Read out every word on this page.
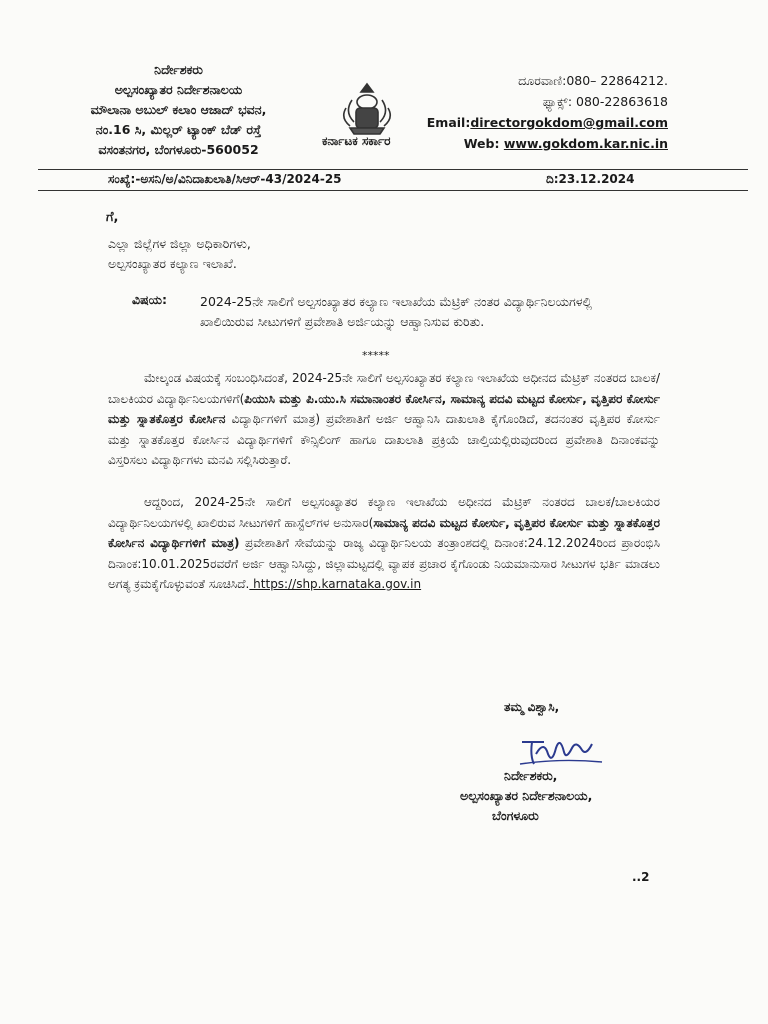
ನಿರ್ದೇಶಕರು
ಅಲ್ಪಸಂಖ್ಯಾತರ ನಿರ್ದೇಶನಾಲಯ
ಮೌಲಾನಾ ಅಬುಲ್ ಕಲಾಂ ಆಜಾದ್ ಭವನ,
ನಂ.16 ಸಿ, ಮಿಲ್ಲರ್ ಟ್ಯಾಂಕ್ ಬೆಡ್ ರಸ್ತೆ
ವಸಂತನಗರ, ಬೆಂಗಳೂರು-560052
ಕರ್ನಾಟಕ ಸರ್ಕಾರ
ದೂರವಾಣಿ:080– 22864212.
ಫ್ಯಾಕ್ಸ್: 080-22863618
Email:directorgokdom@gmail.com
Web: www.gokdom.kar.nic.in
ಸಂಖ್ಯೆ:-ಅಸನಿ/ಅ/ವಿನಿದಾಖಲಾತಿ/ಸಿಆರ್-43/2024-25	ದಿ:23.12.2024
ಗೆ,
ಎಲ್ಲಾ ಜಿಲ್ಲೆಗಳ ಜಿಲ್ಲಾ ಅಧಿಕಾರಿಗಳು,
ಅಲ್ಪಸಂಖ್ಯಾತರ ಕಲ್ಯಾಣ ಇಲಾಖೆ.
ವಿಷಯ:	2024-25ನೇ ಸಾಲಿಗೆ ಅಲ್ಪಸಂಖ್ಯಾತರ ಕಲ್ಯಾಣ ಇಲಾಖೆಯ ಮೆಟ್ರಿಕ್ ನಂತರ ವಿದ್ಯಾರ್ಥಿನಿಲಯಗಳಲ್ಲಿ ಖಾಲಿಯಿರುವ ಸೀಟುಗಳಿಗೆ ಪ್ರವೇಶಾತಿ ಅರ್ಜಿಯನ್ನು ಆಹ್ವಾನಿಸುವ ಕುರಿತು.
*****
ಮೇಲ್ಕಂಡ ವಿಷಯಕ್ಕೆ ಸಂಬಂಧಿಸಿದಂತೆ, 2024-25ನೇ ಸಾಲಿಗೆ ಅಲ್ಪಸಂಖ್ಯಾತರ ಕಲ್ಯಾಣ ಇಲಾಖೆಯ ಅಧೀನದ ಮೆಟ್ರಿಕ್ ನಂತರದ ಬಾಲಕ/ಬಾಲಕಿಯರ ವಿದ್ಯಾರ್ಥಿನಿಲಯಗಳಿಗೆ(ಪಿಯುಸಿ ಮತ್ತು ಪಿ.ಯು.ಸಿ ಸಮಾನಾಂತರ ಕೋರ್ಸಿನ, ಸಾಮಾನ್ಯ ಪದವಿ ಮಟ್ಟದ ಕೋರ್ಸು, ವೃತ್ತಿಪರ ಕೋರ್ಸು ಮತ್ತು ಸ್ನಾತಕೊತ್ತರ ಕೋರ್ಸಿನ ವಿದ್ಯಾರ್ಥಿಗಳಿಗೆ ಮಾತ್ರ) ಪ್ರವೇಶಾತಿಗೆ ಅರ್ಜಿ ಆಹ್ವಾನಿಸಿ ದಾಖಲಾತಿ ಕೈಗೊಂಡಿದೆ, ತದನಂತರ ವೃತ್ತಿಪರ ಕೋರ್ಸು ಮತ್ತು ಸ್ನಾತಕೊತ್ತರ ಕೋರ್ಸಿನ ವಿದ್ಯಾರ್ಥಿಗಳಿಗೆ ಕೌನ್ಸಿಲಿಂಗ್ ಹಾಗೂ ದಾಖಲಾತಿ ಪ್ರಕ್ರಿಯೆ ಚಾಲ್ತಿಯಲ್ಲಿರುವುದರಿಂದ ಪ್ರವೇಶಾತಿ ದಿನಾಂಕವನ್ನು ವಿಸ್ತರಿಸಲು ವಿದ್ಯಾರ್ಥಿಗಳು ಮನವಿ ಸಲ್ಲಿಸಿರುತ್ತಾರೆ.
ಆದ್ದರಿಂದ, 2024-25ನೇ ಸಾಲಿಗೆ ಅಲ್ಪಸಂಖ್ಯಾತರ ಕಲ್ಯಾಣ ಇಲಾಖೆಯ ಅಧೀನದ ಮೆಟ್ರಿಕ್ ನಂತರದ ಬಾಲಕ/ಬಾಲಕಿಯರ ವಿದ್ಯಾರ್ಥಿನಿಲಯಗಳಲ್ಲಿ ಖಾಲಿರುವ ಸೀಟುಗಳಿಗೆ ಹಾಸ್ಟೆಲ್‌ಗಳ ಅನುಸಾರ(ಸಾಮಾನ್ಯ ಪದವಿ ಮಟ್ಟದ ಕೋರ್ಸು, ವೃತ್ತಿಪರ ಕೋರ್ಸು ಮತ್ತು ಸ್ನಾತಕೊತ್ತರ ಕೋರ್ಸಿನ ವಿದ್ಯಾರ್ಥಿಗಳಿಗೆ ಮಾತ್ರ) ಪ್ರವೇಶಾತಿಗೆ ಸೇವೆಯನ್ನು ರಾಜ್ಯ ವಿದ್ಯಾರ್ಥಿನಿಲಯ ತಂತ್ರಾಂಶದಲ್ಲಿ ದಿನಾಂಕ:24.12.2024ರಿಂದ ಪ್ರಾರಂಭಿಸಿ ದಿನಾಂಕ:10.01.2025ರವರೆಗೆ ಅರ್ಜಿ ಆಹ್ವಾನಿಸಿದ್ದು, ಜಿಲ್ಲಾಮಟ್ಟದಲ್ಲಿ ವ್ಯಾಪಕ ಪ್ರಚಾರ ಕೈಗೊಂಡು ನಿಯಮಾನುಸಾರ ಸೀಟುಗಳ ಭರ್ತಿ ಮಾಡಲು ಅಗತ್ಯ ಕ್ರಮಕೈಗೊಳ್ಳುವಂತೆ ಸೂಚಿಸಿದೆ. https://shp.karnataka.gov.in
ತಮ್ಮ ವಿಶ್ವಾಸಿ,
ನಿರ್ದೇಶಕರು,
ಅಲ್ಪಸಂಖ್ಯಾತರ ನಿರ್ದೇಶನಾಲಯ,
ಬೆಂಗಳೂರು
..2
